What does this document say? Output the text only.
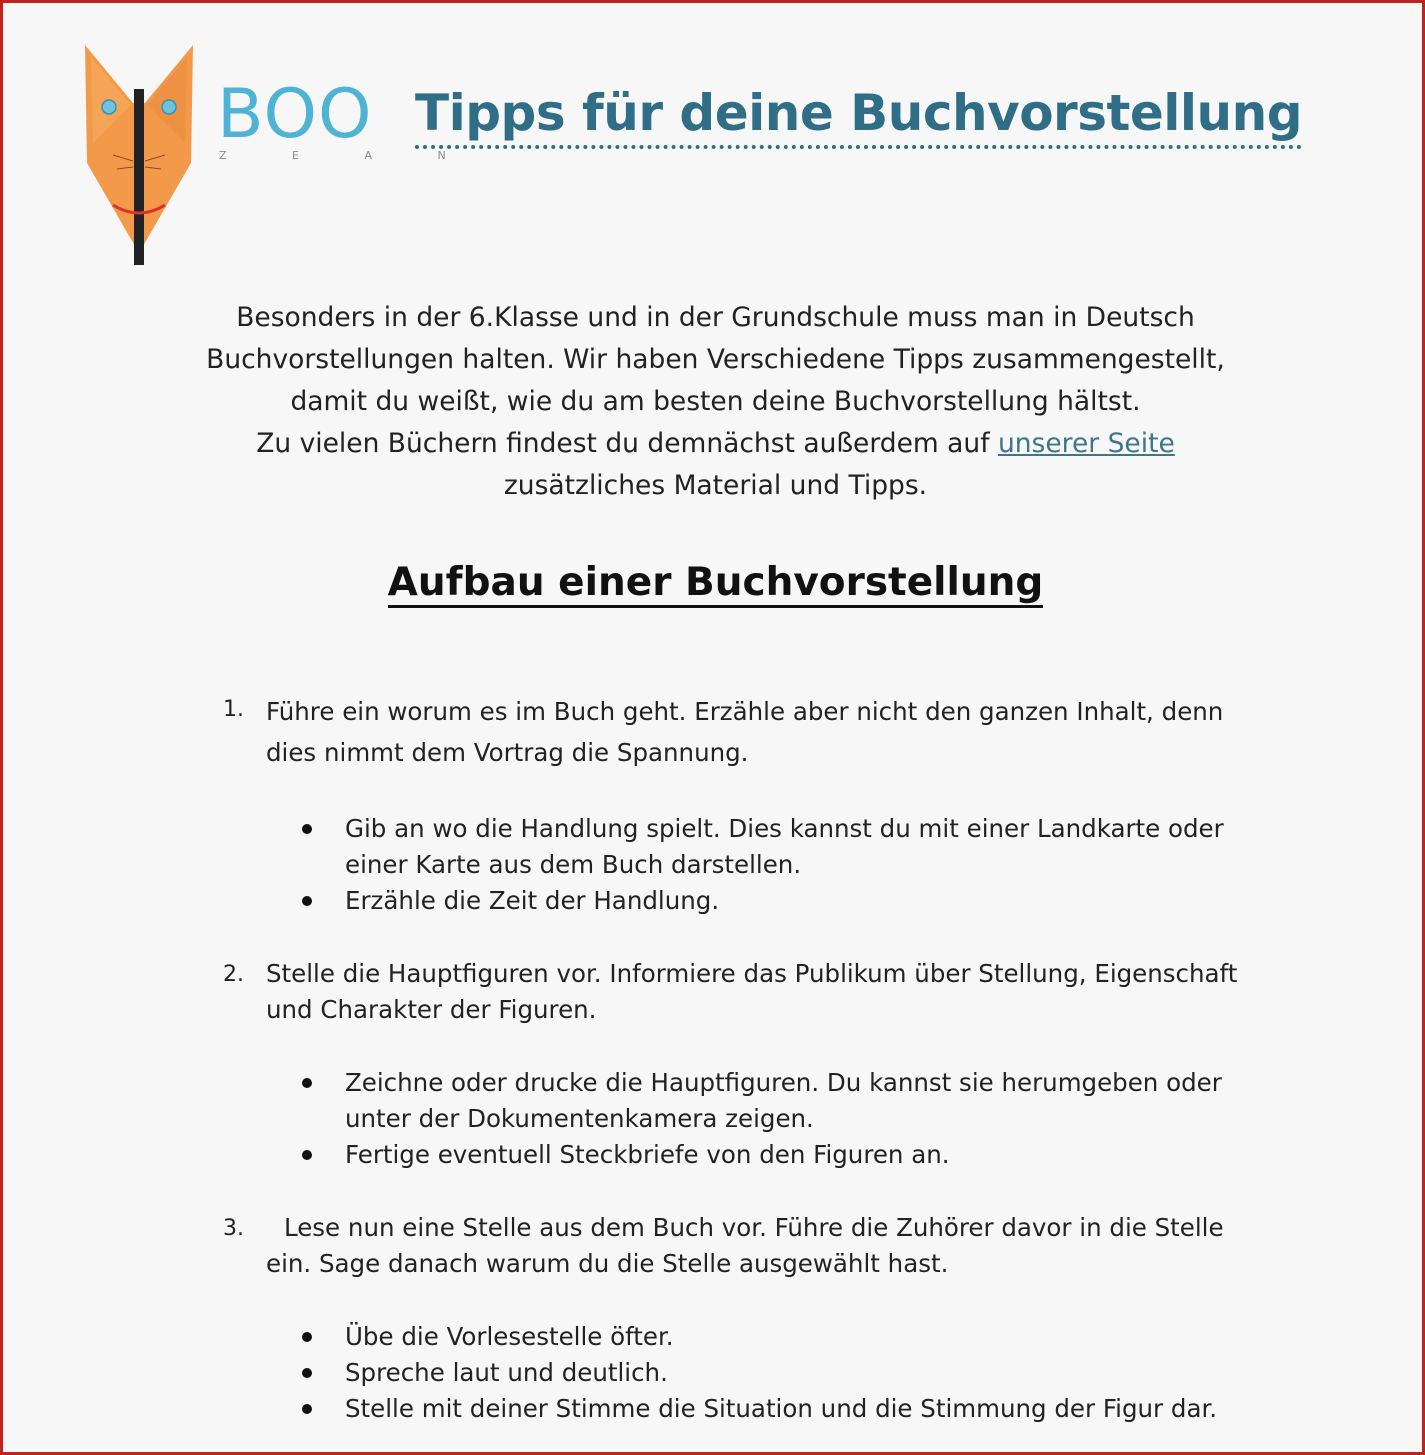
BOO
Z E A N
Tipps für deine Buchvorstellung

Besonders in der 6.Klasse und in der Grundschule muss man in Deutsch
Buchvorstellungen halten. Wir haben Verschiedene Tipps zusammengestellt,
damit du weißt, wie du am besten deine Buchvorstellung hältst.
Zu vielen Büchern findest du demnächst außerdem auf unserer Seite
zusätzliches Material und Tipps.

Aufbau einer Buchvorstellung
1. Führe ein worum es im Buch geht. Erzähle aber nicht den ganzen Inhalt, denn dies nimmt dem Vortrag die Spannung.

Gib an wo die Handlung spielt. Dies kannst du mit einer Landkarte oder einer Karte aus dem Buch darstellen.
Erzähle die Zeit der Handlung.
2. Stelle die Hauptfiguren vor. Informiere das Publikum über Stellung, Eigenschaft und Charakter der Figuren.

Zeichne oder drucke die Hauptfiguren. Du kannst sie herumgeben oder unter der Dokumentenkamera zeigen.
Fertige eventuell Steckbriefe von den Figuren an.
3.	Lese nun eine Stelle aus dem Buch vor. Führe die Zuhörer davor in die Stelle ein. Sage danach warum du die Stelle ausgewählt hast.

Übe die Vorlesestelle öfter.
Spreche laut und deutlich.
Stelle mit deiner Stimme die Situation und die Stimmung der Figur dar.
